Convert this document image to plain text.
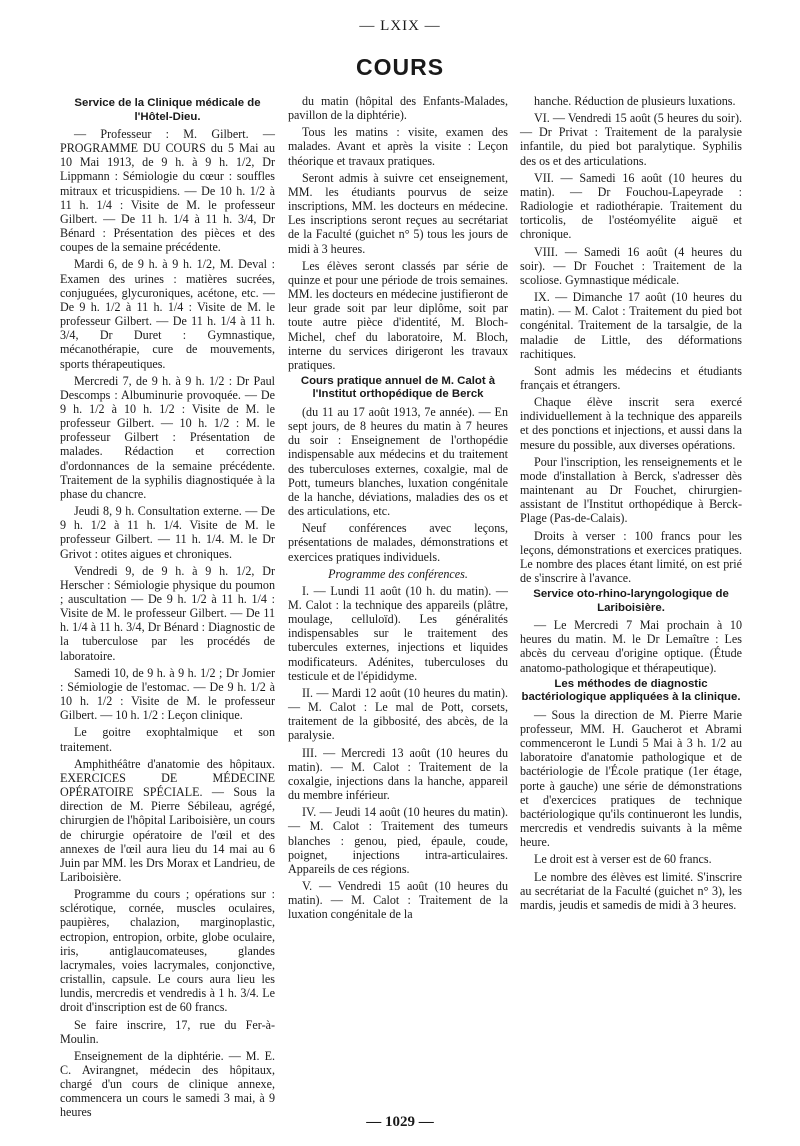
— LXIX —
COURS

Service de la Clinique médicale de l'Hôtel-Dieu.

— Professeur : M. Gilbert. — PROGRAMME DU COURS du 5 Mai au 10 Mai 1913, de 9 h. à 9 h. 1/2, Dr Lippmann : Sémiologie du cœur : souffles mitraux et tricuspidiens. — De 10 h. 1/2 à 11 h. 1/4 : Visite de M. le professeur Gilbert. — De 11 h. 1/4 à 11 h. 3/4, Dr Bénard : Présentation des pièces et des coupes de la semaine précédente.

Mardi 6, de 9 h. à 9 h. 1/2, M. Deval : Examen des urines : matières sucrées, conjuguées, glycuroniques, acétone, etc. — De 9 h. 1/2 à 11 h. 1/4 : Visite de M. le professeur Gilbert. — De 11 h. 1/4 à 11 h. 3/4, Dr Duret : Gymnastique, mécanothérapie, cure de mouvements, sports thérapeutiques.

Mercredi 7, de 9 h. à 9 h. 1/2 : Dr Paul Descomps : Albuminurie provoquée. — De 9 h. 1/2 à 10 h. 1/2 : Visite de M. le professeur Gilbert. — 10 h. 1/2 : M. le professeur Gilbert : Présentation de malades. Rédaction et correction d'ordonnances de la semaine précédente. Traitement de la syphilis diagnostiquée à la phase du chancre.

Jeudi 8, 9 h. Consultation externe. — De 9 h. 1/2 à 11 h. 1/4. Visite de M. le professeur Gilbert. — 11 h. 1/4. M. le Dr Grivot : otites aigues et chroniques.

Vendredi 9, de 9 h. à 9 h. 1/2, Dr Herscher : Sémiologie physique du poumon ; auscultation — De 9 h. 1/2 à 11 h. 1/4 : Visite de M. le professeur Gilbert. — De 11 h. 1/4 à 11 h. 3/4, Dr Bénard : Diagnostic de la tuberculose par les procédés de laboratoire.

Samedi 10, de 9 h. à 9 h. 1/2 ; Dr Jomier : Sémiologie de l'estomac. — De 9 h. 1/2 à 10 h. 1/2 : Visite de M. le professeur Gilbert. — 10 h. 1/2 : Leçon clinique.

Le goitre exophtalmique et son traitement.

Amphithéâtre d'anatomie des hôpitaux. EXERCICES DE MÉDECINE OPÉRATOIRE SPÉCIALE. — Sous la direction de M. Pierre Sébileau, agrégé, chirurgien de l'hôpital Lariboisière, un cours de chirurgie opératoire de l'œil et des annexes de l'œil aura lieu du 14 mai au 6 Juin par MM. les Drs Morax et Landrieu, de Lariboisière.

Programme du cours ; opérations sur : sclérotique, cornée, muscles oculaires, paupières, chalazion, marginoplastic, ectropion, entropion, orbite, globe oculaire, iris, antiglaucomateuses, glandes lacrymales, voies lacrymales, conjonctive, cristallin, capsule. Le cours aura lieu les lundis, mercredis et vendredis à 1 h. 3/4. Le droit d'inscription est de 60 francs.

Se faire inscrire, 17, rue du Fer-à-Moulin.

Enseignement de la diphtérie. — M. E. C. Avirangnet, médecin des hôpitaux, chargé d'un cours de clinique annexe, commencera un cours le samedi 3 mai, à 9 heures

du matin (hôpital des Enfants-Malades, pavillon de la diphtérie).

Tous les matins : visite, examen des malades. Avant et après la visite : Leçon théorique et travaux pratiques.

Seront admis à suivre cet enseignement, MM. les étudiants pourvus de seize inscriptions, MM. les docteurs en médecine. Les inscriptions seront reçues au secrétariat de la Faculté (guichet n° 5) tous les jours de midi à 3 heures.

Les élèves seront classés par série de quinze et pour une période de trois semaines. MM. les docteurs en médecine justifieront de leur grade soit par leur diplôme, soit par toute autre pièce d'identité, M. Bloch-Michel, chef du laboratoire, M. Bloch, interne du services dirigeront les travaux pratiques.

Cours pratique annuel de M. Calot à l'Institut orthopédique de Berck

(du 11 au 17 août 1913, 7e année). — En sept jours, de 8 heures du matin à 7 heures du soir : Enseignement de l'orthopédie indispensable aux médecins et du traitement des tuberculoses externes, coxalgie, mal de Pott, tumeurs blanches, luxation congénitale de la hanche, déviations, maladies des os et des articulations, etc.

Neuf conférences avec leçons, présentations de malades, démonstrations et exercices pratiques individuels.

Programme des conférences.

I. — Lundi 11 août (10 h. du matin). — M. Calot : la technique des appareils (plâtre, moulage, celluloïd). Les généralités indispensables sur le traitement des tubercules externes, injections et liquides modificateurs. Adénites, tuberculoses du testicule et de l'épididyme.

II. — Mardi 12 août (10 heures du matin). — M. Calot : Le mal de Pott, corsets, traitement de la gibbosité, des abcès, de la paralysie.

III. — Mercredi 13 août (10 heures du matin). — M. Calot : Traitement de la coxalgie, injections dans la hanche, appareil du membre inférieur.

IV. — Jeudi 14 août (10 heures du matin). — M. Calot : Traitement des tumeurs blanches : genou, pied, épaule, coude, poignet, injections intra-articulaires. Appareils de ces régions.

V. — Vendredi 15 août (10 heures du matin). — M. Calot : Traitement de la luxation congénitale de la

hanche. Réduction de plusieurs luxations.

VI. — Vendredi 15 août (5 heures du soir). — Dr Privat : Traitement de la paralysie infantile, du pied bot paralytique. Syphilis des os et des articulations.

VII. — Samedi 16 août (10 heures du matin). — Dr Fouchou-Lapeyrade : Radiologie et radiothérapie. Traitement du torticolis, de l'ostéomyélite aiguë et chronique.

VIII. — Samedi 16 août (4 heures du soir). — Dr Fouchet : Traitement de la scoliose. Gymnastique médicale.

IX. — Dimanche 17 août (10 heures du matin). — M. Calot : Traitement du pied bot congénital. Traitement de la tarsalgie, de la maladie de Little, des déformations rachitiques.

Sont admis les médecins et étudiants français et étrangers.

Chaque élève inscrit sera exercé individuellement à la technique des appareils et des ponctions et injections, et aussi dans la mesure du possible, aux diverses opérations.

Pour l'inscription, les renseignements et le mode d'installation à Berck, s'adresser dès maintenant au Dr Fouchet, chirurgien-assistant de l'Institut orthopédique à Berck-Plage (Pas-de-Calais).

Droits à verser : 100 francs pour les leçons, démonstrations et exercices pratiques. Le nombre des places étant limité, on est prié de s'inscrire à l'avance.

Service oto-rhino-laryngologique de Lariboisière.

— Le Mercredi 7 Mai prochain à 10 heures du matin. M. le Dr Lemaître : Les abcès du cerveau d'origine optique. (Étude anatomo-pathologique et thérapeutique).

Les méthodes de diagnostic bactériologique appliquées à la clinique.

— Sous la direction de M. Pierre Marie professeur, MM. H. Gaucherot et Abrami commenceront le Lundi 5 Mai à 3 h. 1/2 au laboratoire d'anatomie pathologique et de bactériologie de l'École pratique (1er étage, porte à gauche) une série de démonstrations et d'exercices pratiques de technique bactériologique qu'ils continueront les lundis, mercredis et vendredis suivants à la même heure.

Le droit est à verser est de 60 francs.

Le nombre des élèves est limité. S'inscrire au secrétariat de la Faculté (guichet n° 3), les mardis, jeudis et samedis de midi à 3 heures.

— 1029 —
